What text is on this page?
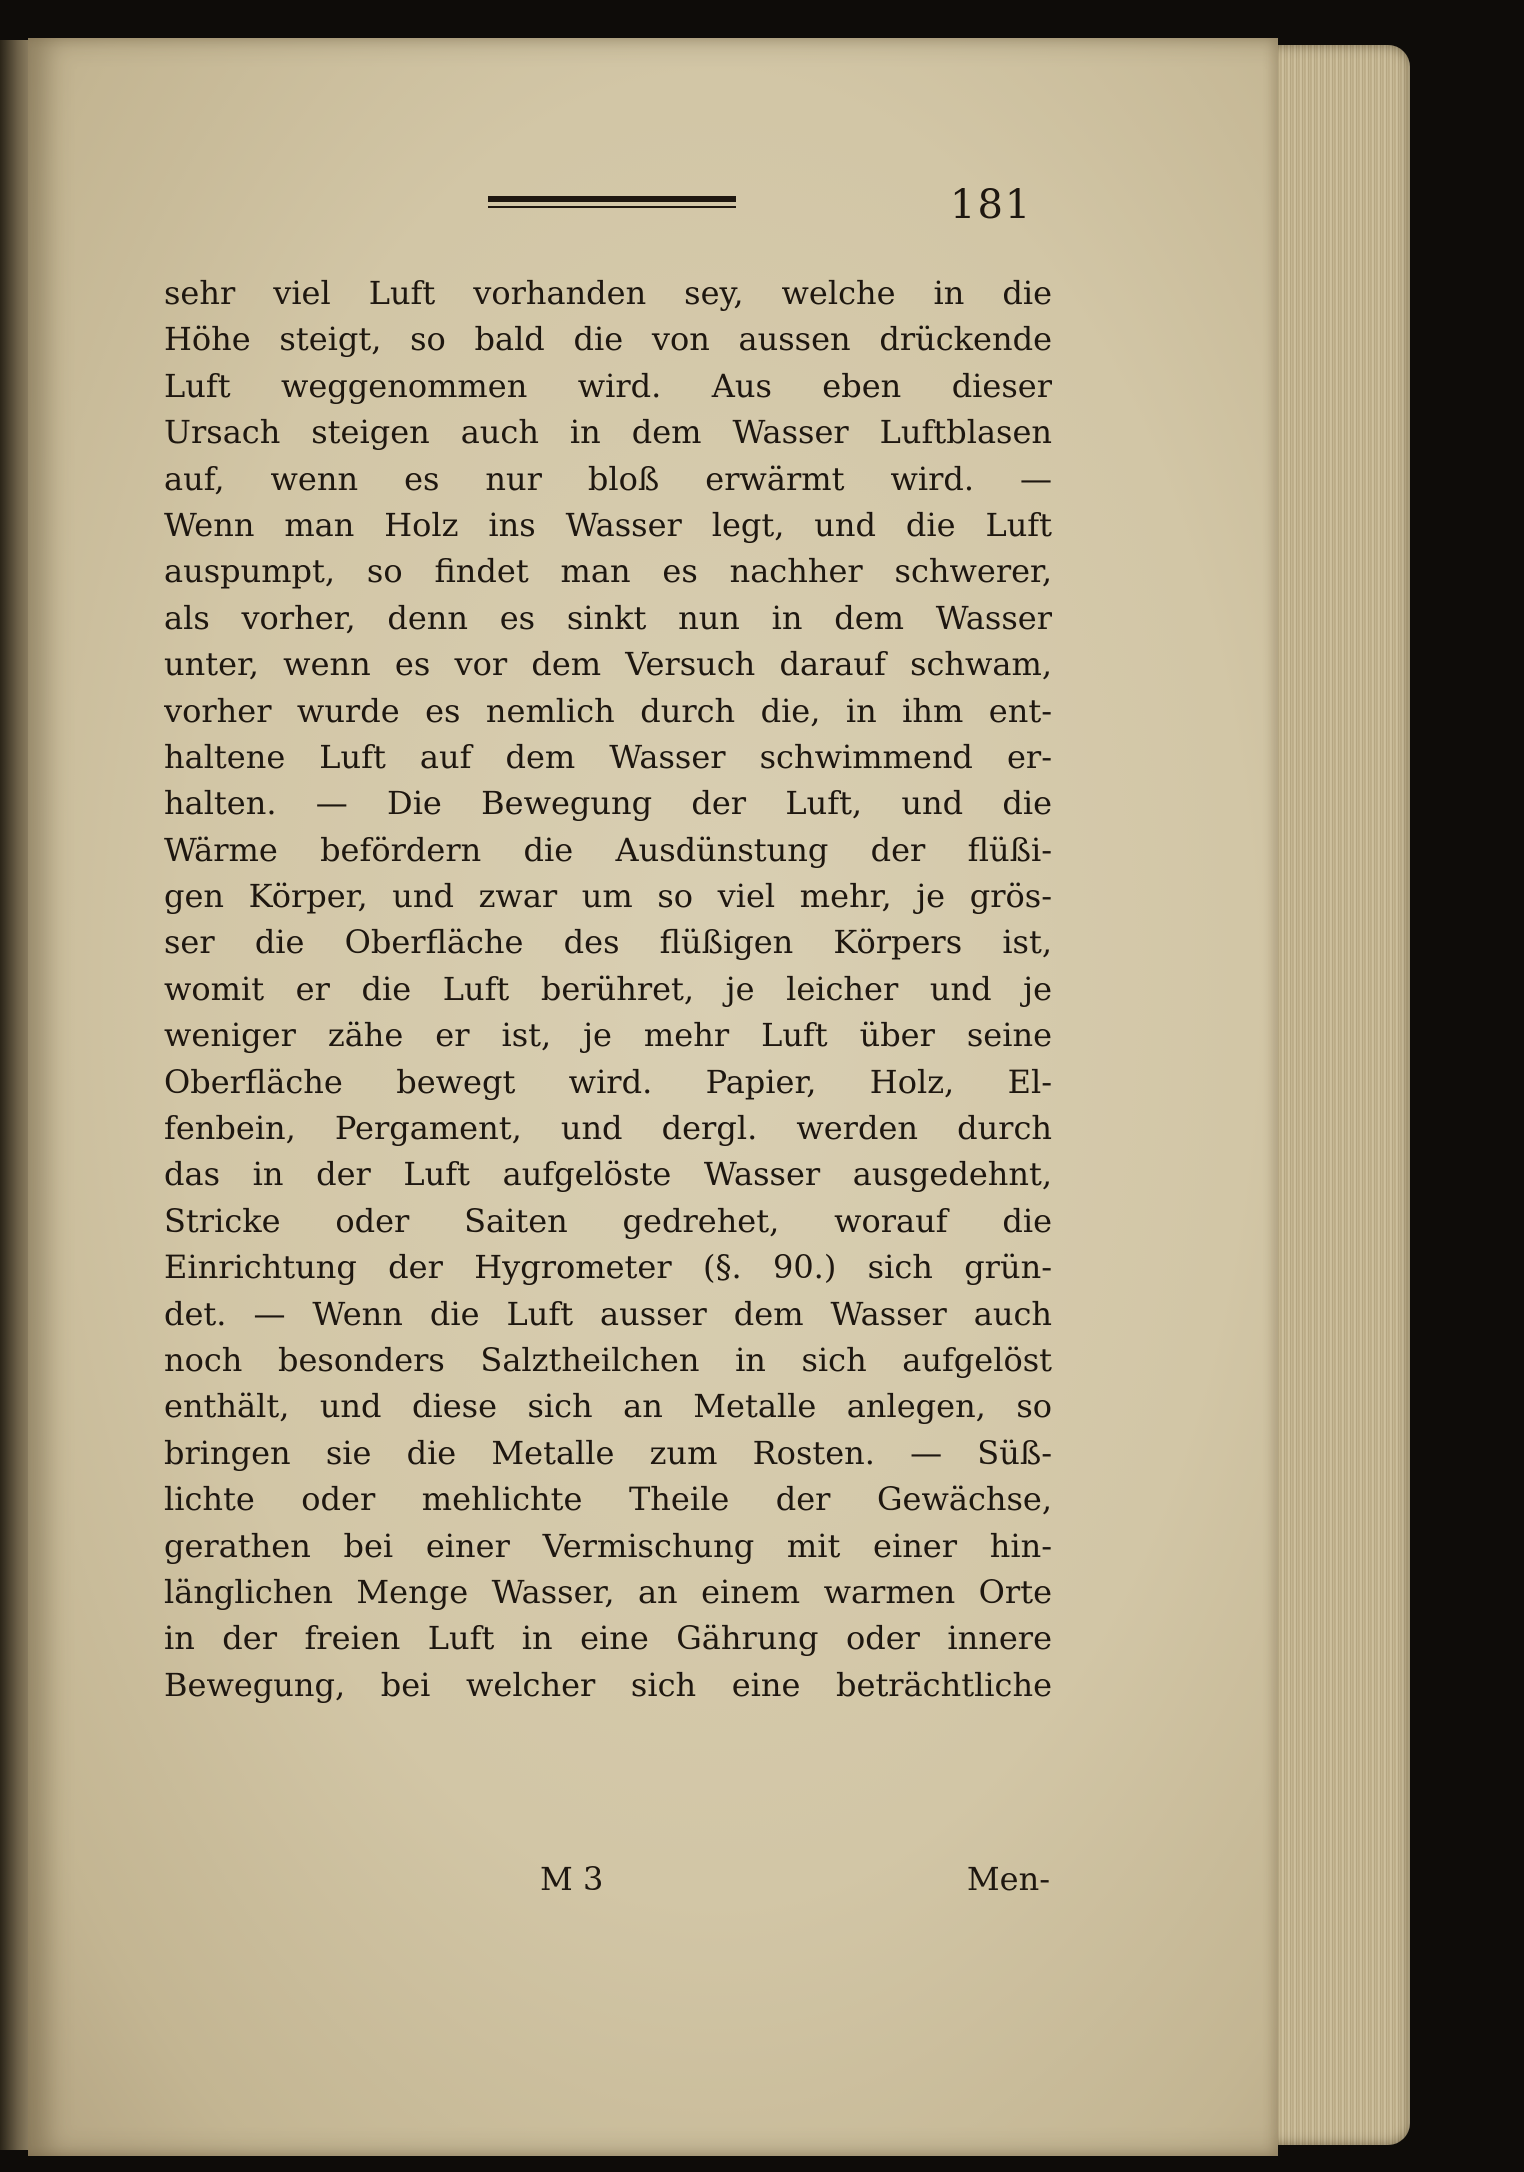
181
sehr viel Luft vorhanden sey, welche in die
Höhe steigt, so bald die von aussen drückende
Luft weggenommen wird. Aus eben dieser
Ursach steigen auch in dem Wasser Luftblasen
auf, wenn es nur bloß erwärmt wird. —
Wenn man Holz ins Wasser legt, und die Luft
auspumpt, so findet man es nachher schwerer,
als vorher, denn es sinkt nun in dem Wasser
unter, wenn es vor dem Versuch darauf schwam,
vorher wurde es nemlich durch die, in ihm ent-
haltene Luft auf dem Wasser schwimmend er-
halten. — Die Bewegung der Luft, und die
Wärme befördern die Ausdünstung der flüßi-
gen Körper, und zwar um so viel mehr, je grös-
ser die Oberfläche des flüßigen Körpers ist,
womit er die Luft berühret, je leicher und je
weniger zähe er ist, je mehr Luft über seine
Oberfläche bewegt wird. Papier, Holz, El-
fenbein, Pergament, und dergl. werden durch
das in der Luft aufgelöste Wasser ausgedehnt,
Stricke oder Saiten gedrehet, worauf die
Einrichtung der Hygrometer (§. 90.) sich grün-
det. — Wenn die Luft ausser dem Wasser auch
noch besonders Salztheilchen in sich aufgelöst
enthält, und diese sich an Metalle anlegen, so
bringen sie die Metalle zum Rosten. — Süß-
lichte oder mehlichte Theile der Gewächse,
gerathen bei einer Vermischung mit einer hin-
länglichen Menge Wasser, an einem warmen Orte
in der freien Luft in eine Gährung oder innere
Bewegung, bei welcher sich eine beträchtliche
M 3	Men-
